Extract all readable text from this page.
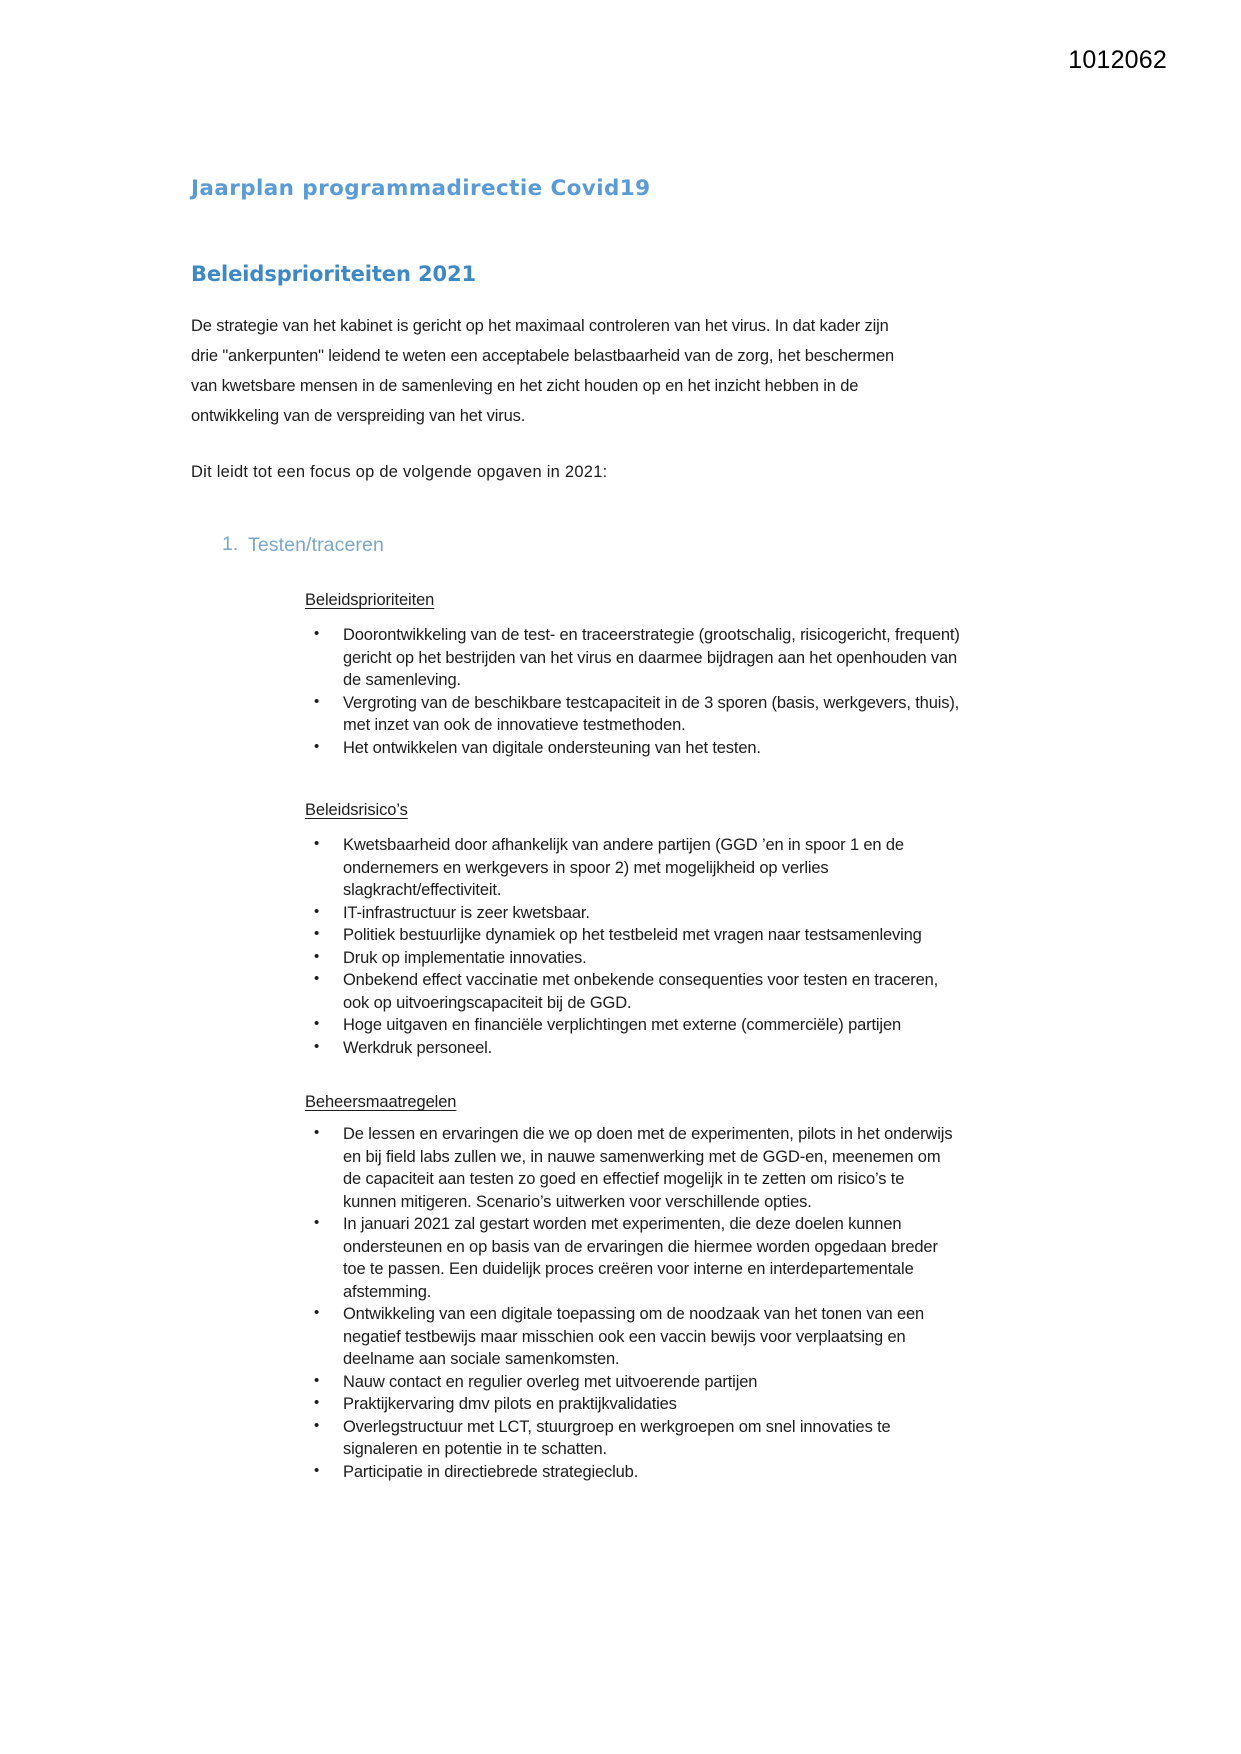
1012062
Jaarplan programmadirectie Covid19
Beleidsprioriteiten 2021

De strategie van het kabinet is gericht op het maximaal controleren van het virus. In dat kader zijn drie "ankerpunten" leidend te weten een acceptabele belastbaarheid van de zorg, het beschermen van kwetsbare mensen in de samenleving en het zicht houden op en het inzicht hebben in de ontwikkeling van de verspreiding van het virus.

Dit leidt tot een focus op de volgende opgaven in 2021:

1. Testen/traceren
Beleidsprioriteiten
• Doorontwikkeling van de test- en traceerstrategie (grootschalig, risicogericht, frequent) gericht op het bestrijden van het virus en daarmee bijdragen aan het openhouden van de samenleving.
• Vergroting van de beschikbare testcapaciteit in de 3 sporen (basis, werkgevers, thuis), met inzet van ook de innovatieve testmethoden.
• Het ontwikkelen van digitale ondersteuning van het testen.
Beleidsrisico’s
• Kwetsbaarheid door afhankelijk van andere partijen (GGD ’en in spoor 1 en de ondernemers en werkgevers in spoor 2) met mogelijkheid op verlies slagkracht/effectiviteit.
• IT-infrastructuur is zeer kwetsbaar.
• Politiek bestuurlijke dynamiek op het testbeleid met vragen naar testsamenleving
• Druk op implementatie innovaties.
• Onbekend effect vaccinatie met onbekende consequenties voor testen en traceren, ook op uitvoeringscapaciteit bij de GGD.
• Hoge uitgaven en financiële verplichtingen met externe (commerciële) partijen
• Werkdruk personeel.
Beheersmaatregelen
• De lessen en ervaringen die we op doen met de experimenten, pilots in het onderwijs en bij field labs zullen we, in nauwe samenwerking met de GGD-en, meenemen om de capaciteit aan testen zo goed en effectief mogelijk in te zetten om risico’s te kunnen mitigeren. Scenario’s uitwerken voor verschillende opties.
• In januari 2021 zal gestart worden met experimenten, die deze doelen kunnen ondersteunen en op basis van de ervaringen die hiermee worden opgedaan breder toe te passen. Een duidelijk proces creëren voor interne en interdepartementale afstemming.
• Ontwikkeling van een digitale toepassing om de noodzaak van het tonen van een negatief testbewijs maar misschien ook een vaccin bewijs voor verplaatsing en deelname aan sociale samenkomsten.
• Nauw contact en regulier overleg met uitvoerende partijen
• Praktijkervaring dmv pilots en praktijkvalidaties
• Overlegstructuur met LCT, stuurgroep en werkgroepen om snel innovaties te signaleren en potentie in te schatten.
• Participatie in directiebrede strategieclub.
